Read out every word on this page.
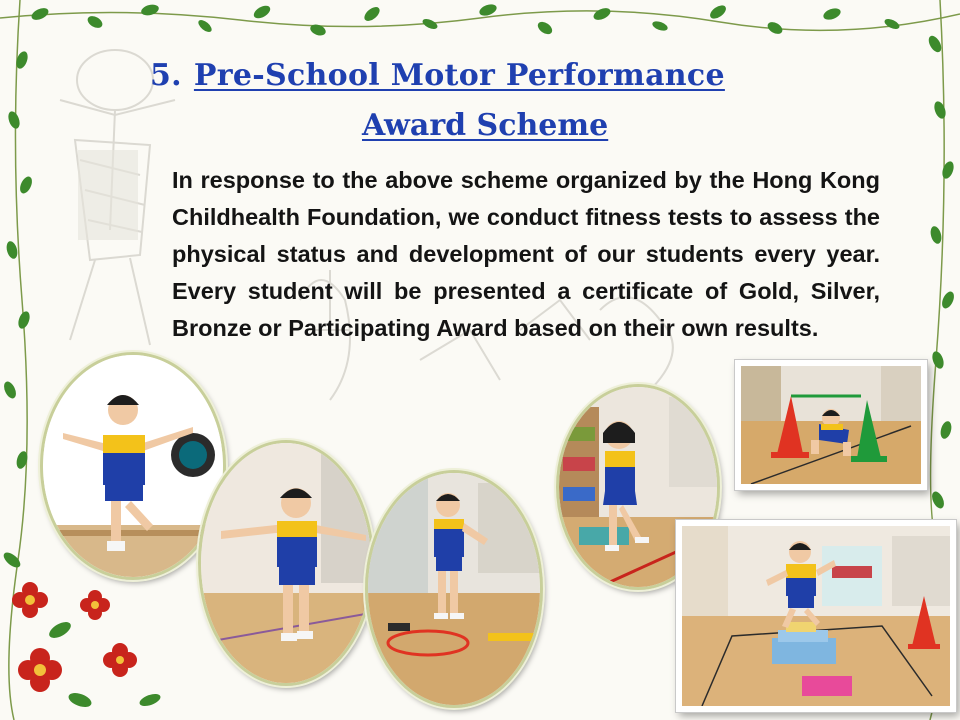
5. Pre-School Motor Performance
Award Scheme

In response to the above scheme organized by the Hong Kong Childhealth Foundation, we conduct fitness tests to assess the physical status and development of our students every year. Every student will be presented a certificate of Gold, Silver, Bronze or Participating Award based on their own results.
